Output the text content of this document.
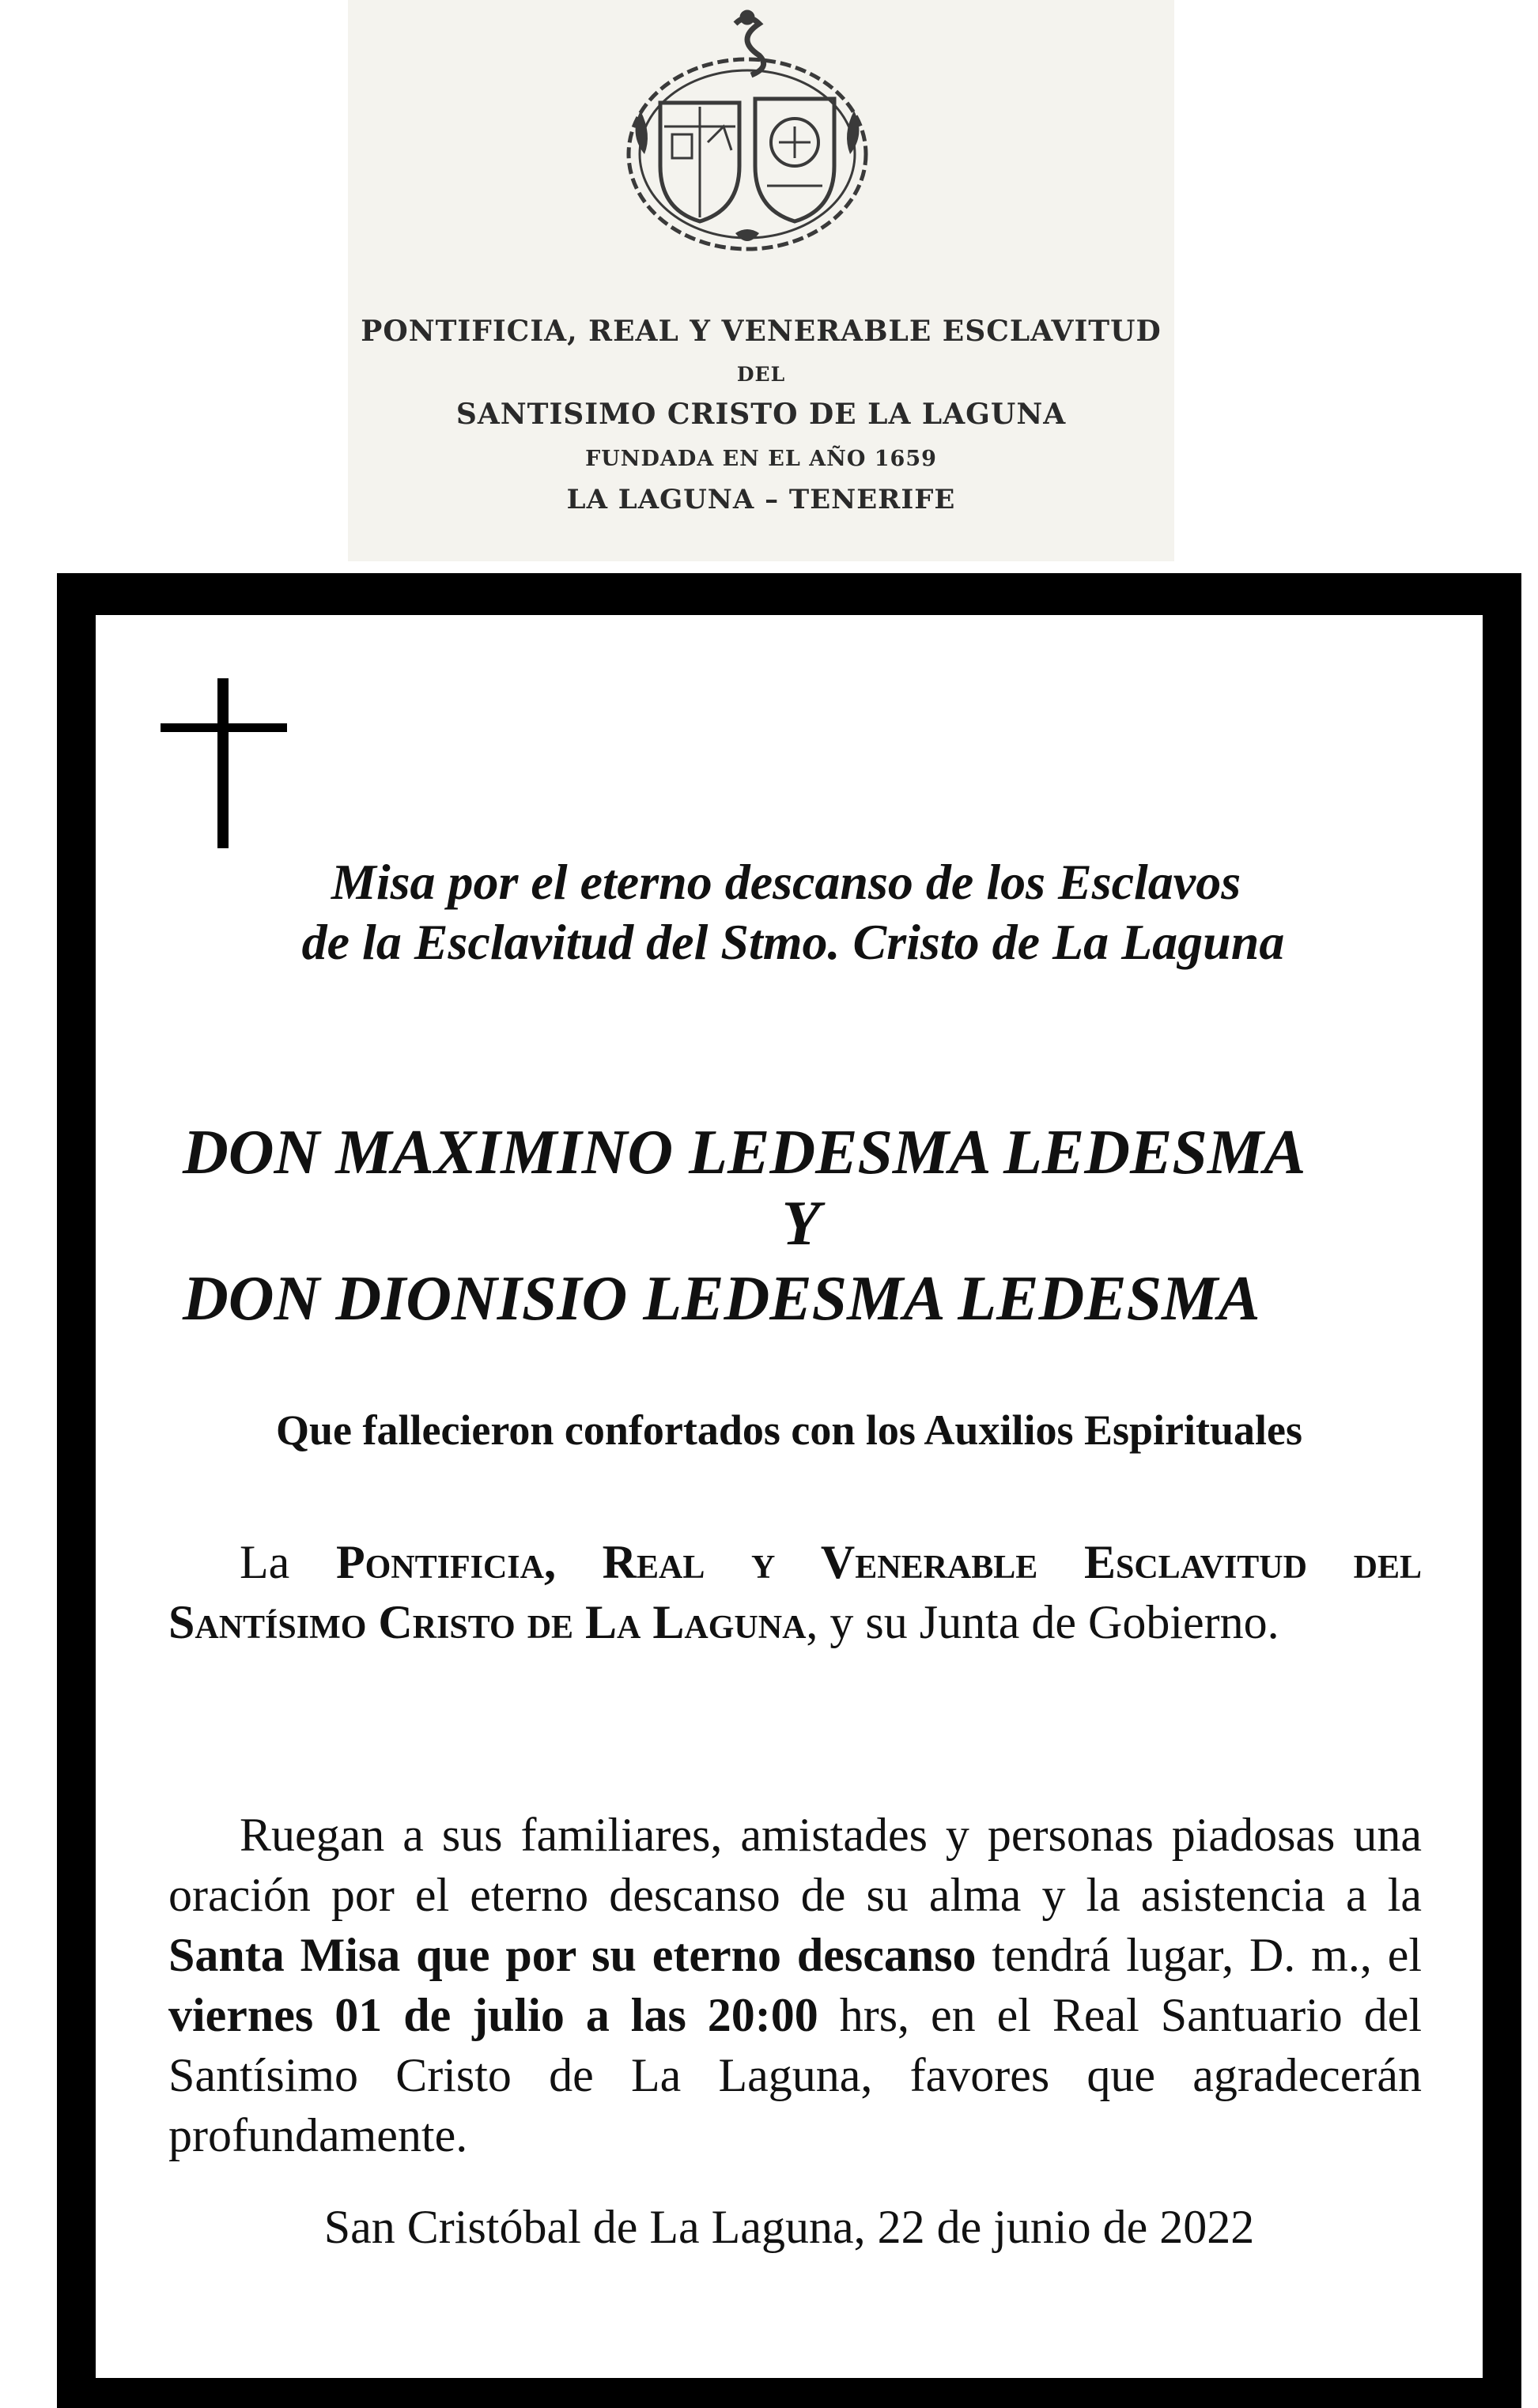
PONTIFICIA, REAL Y VENERABLE ESCLAVITUD
DEL
SANTISIMO CRISTO DE LA LAGUNA
FUNDADA EN EL AÑO 1659
LA LAGUNA – TENERIFE
Misa por el eterno descanso de los Esclavos
de la Esclavitud del Stmo. Cristo de La Laguna
DON MAXIMINO LEDESMA LEDESMA
Y
DON DIONISIO LEDESMA LEDESMA
Que fallecieron confortados con los Auxilios Espirituales

La Pontificia, Real y Venerable Esclavitud del Santísimo Cristo de La Laguna, y su Junta de Gobierno.

Ruegan a sus familiares, amistades y personas piadosas una oración por el eterno descanso de su alma y la asistencia a la Santa Misa que por su eterno descanso tendrá lugar, D. m., el viernes 01 de julio a las 20:00 hrs, en el Real Santuario del Santísimo Cristo de La Laguna, favores que agradecerán profundamente.

San Cristóbal de La Laguna, 22 de junio de 2022
